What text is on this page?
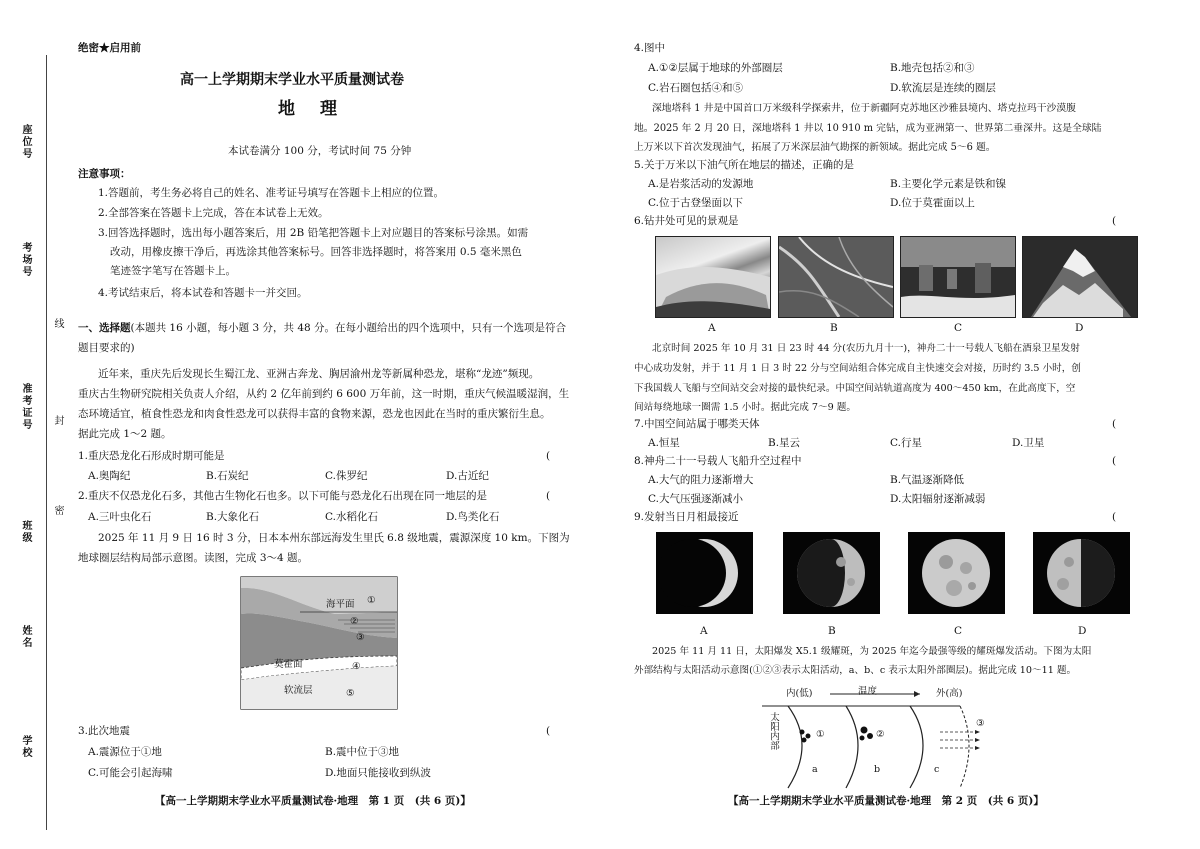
座位号
考场号
准考证号
班级
姓名
学校
线
封
密
绝密★启用前
高一上学期期末学业水平质量测试卷
地　理
本试卷满分 100 分，考试时间 75 分钟
注意事项：
1.答题前，考生务必将自己的姓名、准考证号填写在答题卡上相应的位置。
2.全部答案在答题卡上完成，答在本试卷上无效。
3.回答选择题时，选出每小题答案后，用 2B 铅笔把答题卡上对应题目的答案标号涂黑。如需
改动，用橡皮擦干净后，再选涂其他答案标号。回答非选择题时，将答案用 0.5 毫米黑色
笔迹签字笔写在答题卡上。
4.考试结束后，将本试卷和答题卡一并交回。
一、选择题(本题共 16 小题，每小题 3 分，共 48 分。在每小题给出的四个选项中，只有一个选项是符合
题目要求的)
近年来，重庆先后发现长生蜀江龙、亚洲古奔龙、胸居渝州龙等新属种恐龙，堪称“龙迹”频现。
重庆古生物研究院相关负责人介绍，从约 2 亿年前到约 6 600 万年前，这一时期，重庆气候温暖湿润，生
态环境适宜，植食性恐龙和肉食性恐龙可以获得丰富的食物来源，恐龙也因此在当时的重庆繁衍生息。
据此完成 1～2 题。
1.重庆恐龙化石形成时期可能是	(
A.奥陶纪	B.石炭纪	C.侏罗纪	D.古近纪
2.重庆不仅恐龙化石多，其他古生物化石也多。以下可能与恐龙化石出现在同一地层的是	(
A.三叶虫化石	B.大象化石	C.水稻化石	D.鸟类化石
2025 年 11 月 9 日 16 时 3 分，日本本州东部远海发生里氏 6.8 级地震，震源深度 10 km。下图为
地球圈层结构局部示意图。读图，完成 3～4 题。
海平面 ①
②
③
莫霍面	④
软流层	⑤
3.此次地震	(
A.震源位于①地	B.震中位于③地
C.可能会引起海啸	D.地面只能接收到纵波
【高一上学期期末学业水平质量测试卷·地理　第 1 页　(共 6 页)】
4.图中
A.①②层属于地球的外部圈层	B.地壳包括②和③
C.岩石圈包括④和⑤	D.软流层是连续的圈层
深地塔科 1 井是中国首口万米级科学探索井，位于新疆阿克苏地区沙雅县境内、塔克拉玛干沙漠腹
地。2025 年 2 月 20 日，深地塔科 1 井以 10 910 m 完钻，成为亚洲第一、世界第二垂深井。这是全球陆
上万米以下首次发现油气，拓展了万米深层油气勘探的新领域。据此完成 5～6 题。
5.关于万米以下油气所在地层的描述，正确的是
A.是岩浆活动的发源地	B.主要化学元素是铁和镍
C.位于古登堡面以下	D.位于莫霍面以上
6.钻井处可见的景观是	(
A	B	C	D
北京时间 2025 年 10 月 31 日 23 时 44 分(农历九月十一)，神舟二十一号载人飞船在酒泉卫星发射
中心成功发射，并于 11 月 1 日 3 时 22 分与空间站组合体完成自主快速交会对接，历时约 3.5 小时，创
下我国载人飞船与空间站交会对接的最快纪录。中国空间站轨道高度为 400～450 km，在此高度下，空
间站每绕地球一圈需 1.5 小时。据此完成 7～9 题。
7.中国空间站属于哪类天体	(
A.恒星	B.星云	C.行星	D.卫星
8.神舟二十一号载人飞船升空过程中	(
A.大气的阻力逐渐增大	B.气温逐渐降低
C.大气压强逐渐减小	D.太阳辐射逐渐减弱
9.发射当日月相最接近	(
A	B	C	D
2025 年 11 月 11 日，太阳爆发 X5.1 级耀斑，为 2025 年迄今最强等级的耀斑爆发活动。下图为太阳
外部结构与太阳活动示意图(①②③表示太阳活动，a、b、c 表示太阳外部圈层)。据此完成 10～11 题。
内(低)	温度	外(高)
太阳内部	①	②
③
a	b	c
【高一上学期期末学业水平质量测试卷·地理　第 2 页　(共 6 页)】
